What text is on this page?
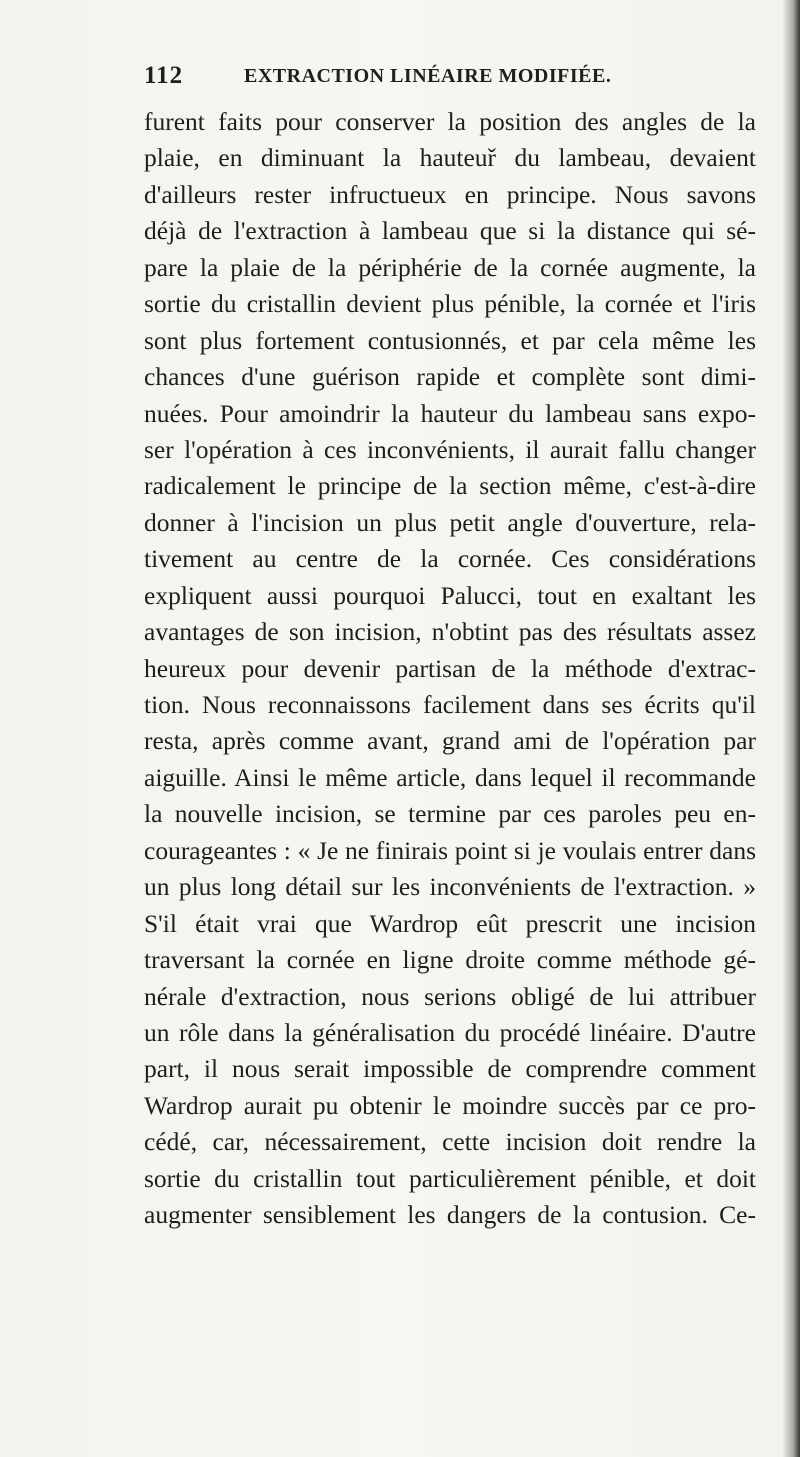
112	EXTRACTION LINÉAIRE MODIFIÉE.
furent faits pour conserver la position des angles de la
plaie, en diminuant la hauteuř du lambeau, devaient
d'ailleurs rester infructueux en principe. Nous savons
déjà de l'extraction à lambeau que si la distance qui sé-
pare la plaie de la périphérie de la cornée augmente, la
sortie du cristallin devient plus pénible, la cornée et l'iris
sont plus fortement contusionnés, et par cela même les
chances d'une guérison rapide et complète sont dimi-
nuées. Pour amoindrir la hauteur du lambeau sans expo-
ser l'opération à ces inconvénients, il aurait fallu changer
radicalement le principe de la section même, c'est-à-dire
donner à l'incision un plus petit angle d'ouverture, rela-
tivement au centre de la cornée. Ces considérations
expliquent aussi pourquoi Palucci, tout en exaltant les
avantages de son incision, n'obtint pas des résultats assez
heureux pour devenir partisan de la méthode d'extrac-
tion. Nous reconnaissons facilement dans ses écrits qu'il
resta, après comme avant, grand ami de l'opération par
aiguille. Ainsi le même article, dans lequel il recommande
la nouvelle incision, se termine par ces paroles peu en-
courageantes : « Je ne finirais point si je voulais entrer dans
un plus long détail sur les inconvénients de l'extraction. »
S'il était vrai que Wardrop eût prescrit une incision
traversant la cornée en ligne droite comme méthode gé-
nérale d'extraction, nous serions obligé de lui attribuer
un rôle dans la généralisation du procédé linéaire. D'autre
part, il nous serait impossible de comprendre comment
Wardrop aurait pu obtenir le moindre succès par ce pro-
cédé, car, nécessairement, cette incision doit rendre la
sortie du cristallin tout particulièrement pénible, et doit
augmenter sensiblement les dangers de la contusion. Ce-
